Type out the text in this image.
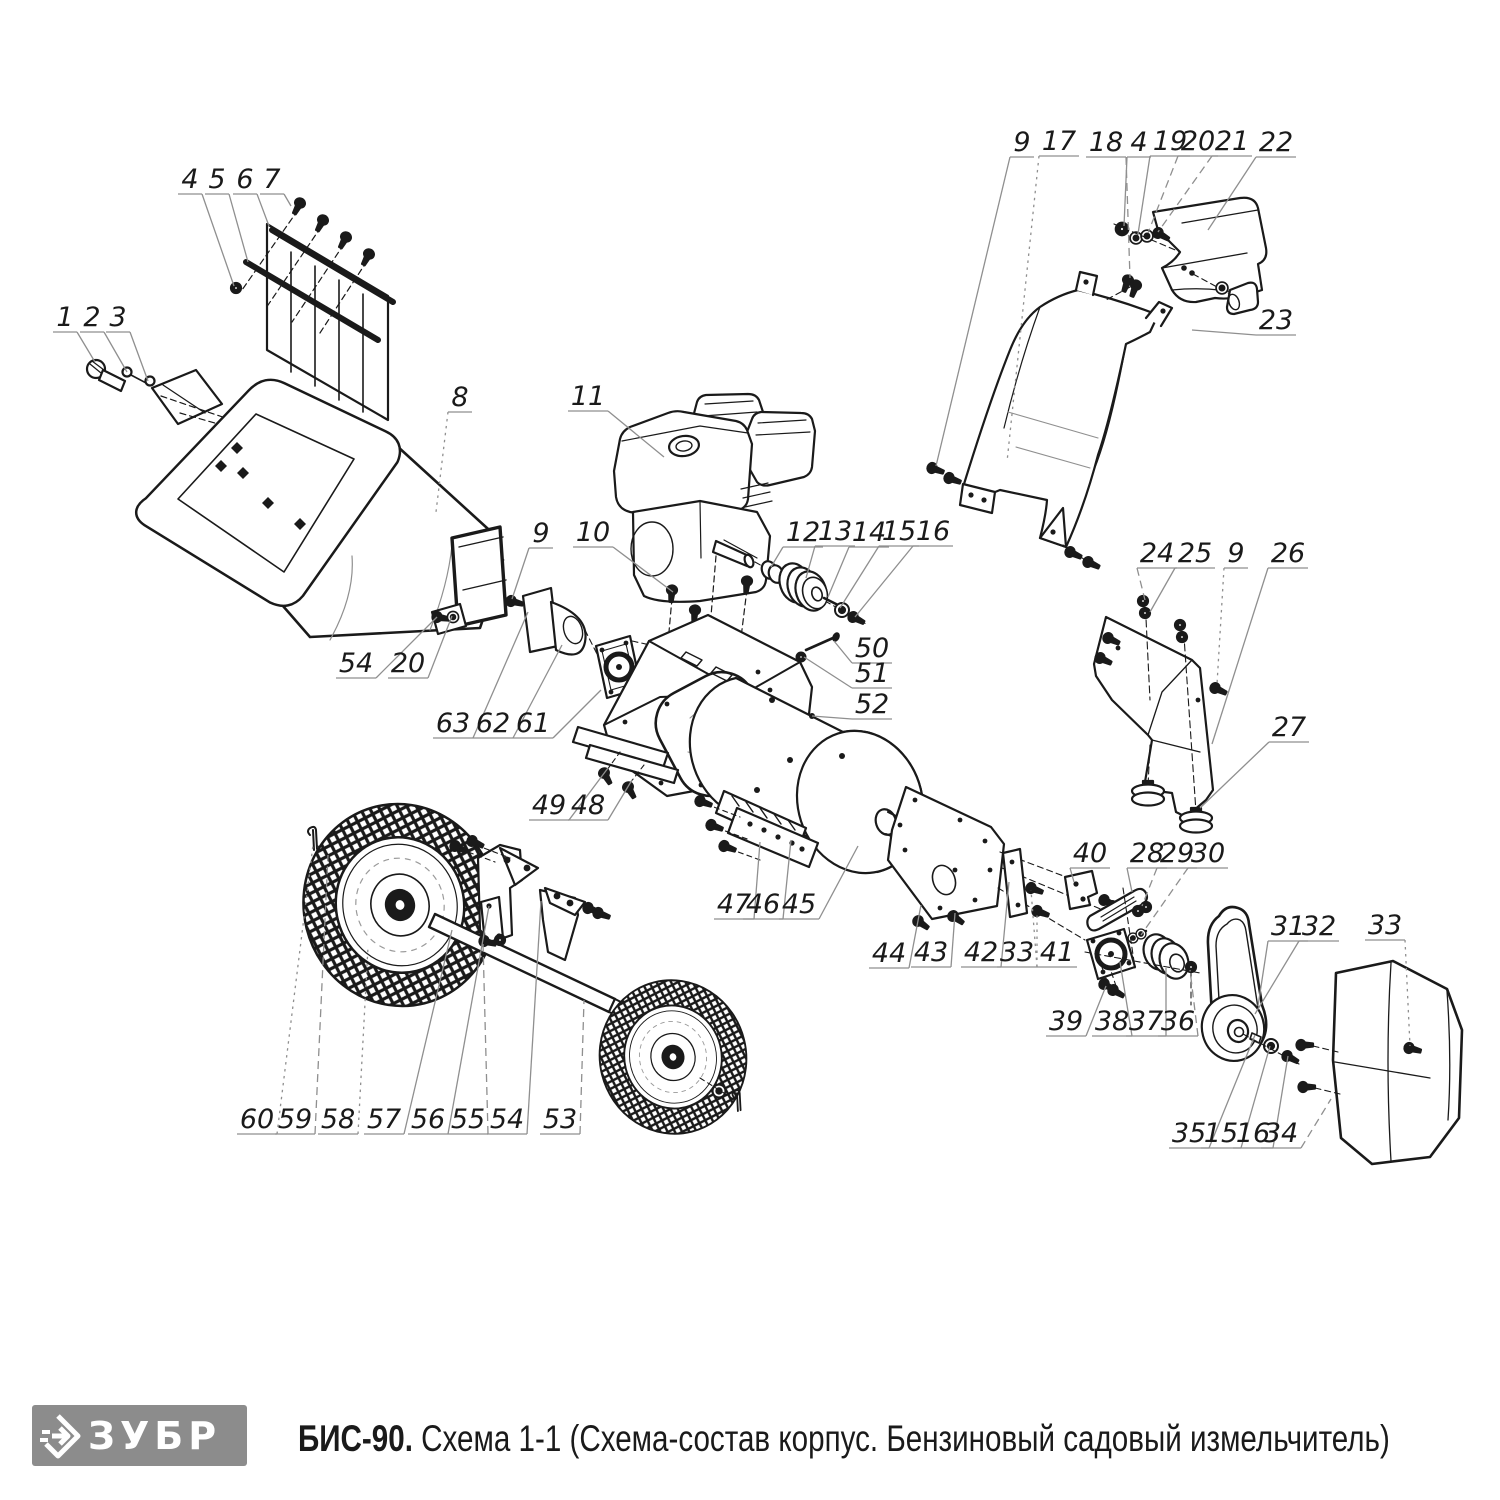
1 2 3
4 5 6 7
8
9 17 18 4 19
20 21 22
23
11
10	12
13 14
15 16
50
51
52
54 20
9
63 62 61
49 48
24 25 9 26
27
40 28
29
30
44 43 42 33 41
39 38 37
36
31
32 33
35
15
16
34
60 59 58 57 56 55 54 53
47
46 45
ЗУБР БИС-90. Схема 1-1 (Схема-состав корпус. Бензиновый садовый измельчитель)
